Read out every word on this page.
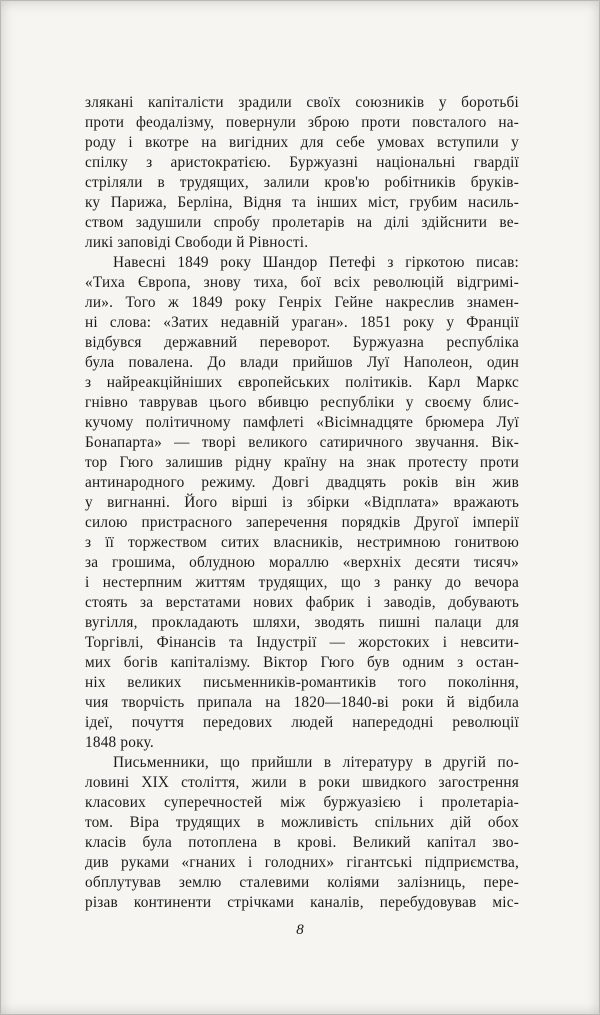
злякані капіталісти зрадили своїх союзників у боротьбі
проти феодалізму, повернули зброю проти повсталого на-
роду і вкотре на вигідних для себе умовах вступили у
спілку з аристократією. Буржуазні національні гвардії
стріляли в трудящих, залили кров'ю робітників бруків-
ку Парижа, Берліна, Відня та інших міст, грубим насиль-
ством задушили спробу пролетарів на ділі здійснити ве-
ликі заповіді Свободи й Рівності.
Навесні 1849 року Шандор Петефі з гіркотою писав:
«Тиха Європа, знову тиха, бої всіх революцій відгримі-
ли». Того ж 1849 року Генріх Гейне накреслив знамен-
ні слова: «Затих недавній ураган». 1851 року у Франції
відбувся державний переворот. Буржуазна республіка
була повалена. До влади прийшов Луї Наполеон, один
з найреакційніших європейських політиків. Карл Маркс
гнівно таврував цього вбивцю республіки у своєму блис-
кучому політичному памфлеті «Вісімнадцяте брюмера Луї
Бонапарта» — творі великого сатиричного звучання. Вік-
тор Гюго залишив рідну країну на знак протесту проти
антинародного режиму. Довгі двадцять років він жив
у вигнанні. Його вірші із збірки «Відплата» вражають
силою пристрасного заперечення порядків Другої імперії
з її торжеством ситих власників, нестримною гонитвою
за грошима, облудною мораллю «верхніх десяти тисяч»
і нестерпним життям трудящих, що з ранку до вечора
стоять за верстатами нових фабрик і заводів, добувають
вугілля, прокладають шляхи, зводять пишні палаци для
Торгівлі, Фінансів та Індустрії — жорстоких і невсити-
мих богів капіталізму. Віктор Гюго був одним з остан-
ніх великих письменників-романтиків того покоління,
чия творчість припала на 1820—1840-ві роки й відбила
ідеї, почуття передових людей напередодні революції
1848 року.
Письменники, що прийшли в літературу в другій по-
ловині XIX століття, жили в роки швидкого загострення
класових суперечностей між буржуазією і пролетаріа-
том. Віра трудящих в можливість спільних дій обох
класів була потоплена в крові. Великий капітал зво-
див руками «гнаних і голодних» гігантські підприємства,
обплутував землю сталевими коліями залізниць, пере-
різав континенти стрічками каналів, перебудовував міс-
8
